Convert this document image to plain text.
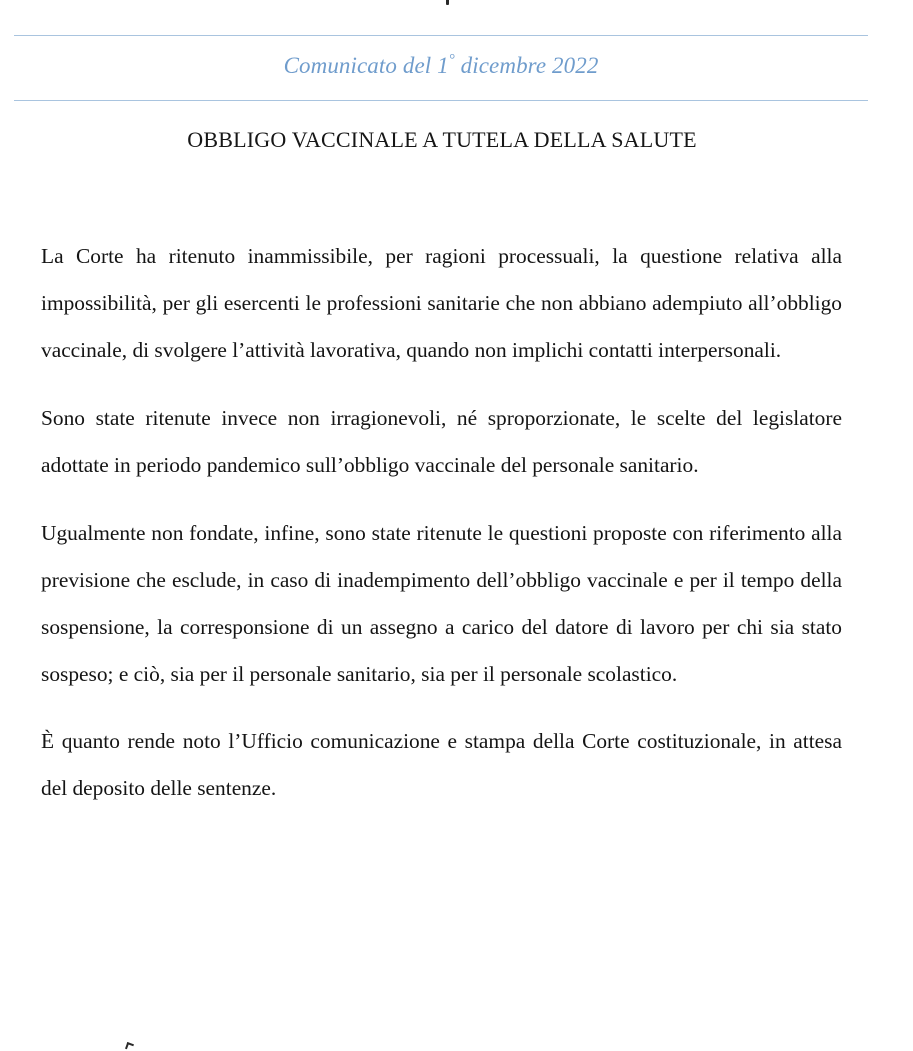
Comunicato del 1° dicembre 2022
OBBLIGO VACCINALE A TUTELA DELLA SALUTE

La Corte ha ritenuto inammissibile, per ragioni processuali, la questione relativa alla impossibilità, per gli esercenti le professioni sanitarie che non abbiano adempiuto all’obbligo vaccinale, di svolgere l’attività lavorativa, quando non implichi contatti interpersonali.

Sono state ritenute invece non irragionevoli, né sproporzionate, le scelte del legislatore adottate in periodo pandemico sull’obbligo vaccinale del personale sanitario.

Ugualmente non fondate, infine, sono state ritenute le questioni proposte con riferimento alla previsione che esclude, in caso di inadempimento dell’obbligo vaccinale e per il tempo della sospensione, la corresponsione di un assegno a carico del datore di lavoro per chi sia stato sospeso; e ciò, sia per il personale sanitario, sia per il personale scolastico.

È quanto rende noto l’Ufficio comunicazione e stampa della Corte costituzionale, in attesa del deposito delle sentenze.
